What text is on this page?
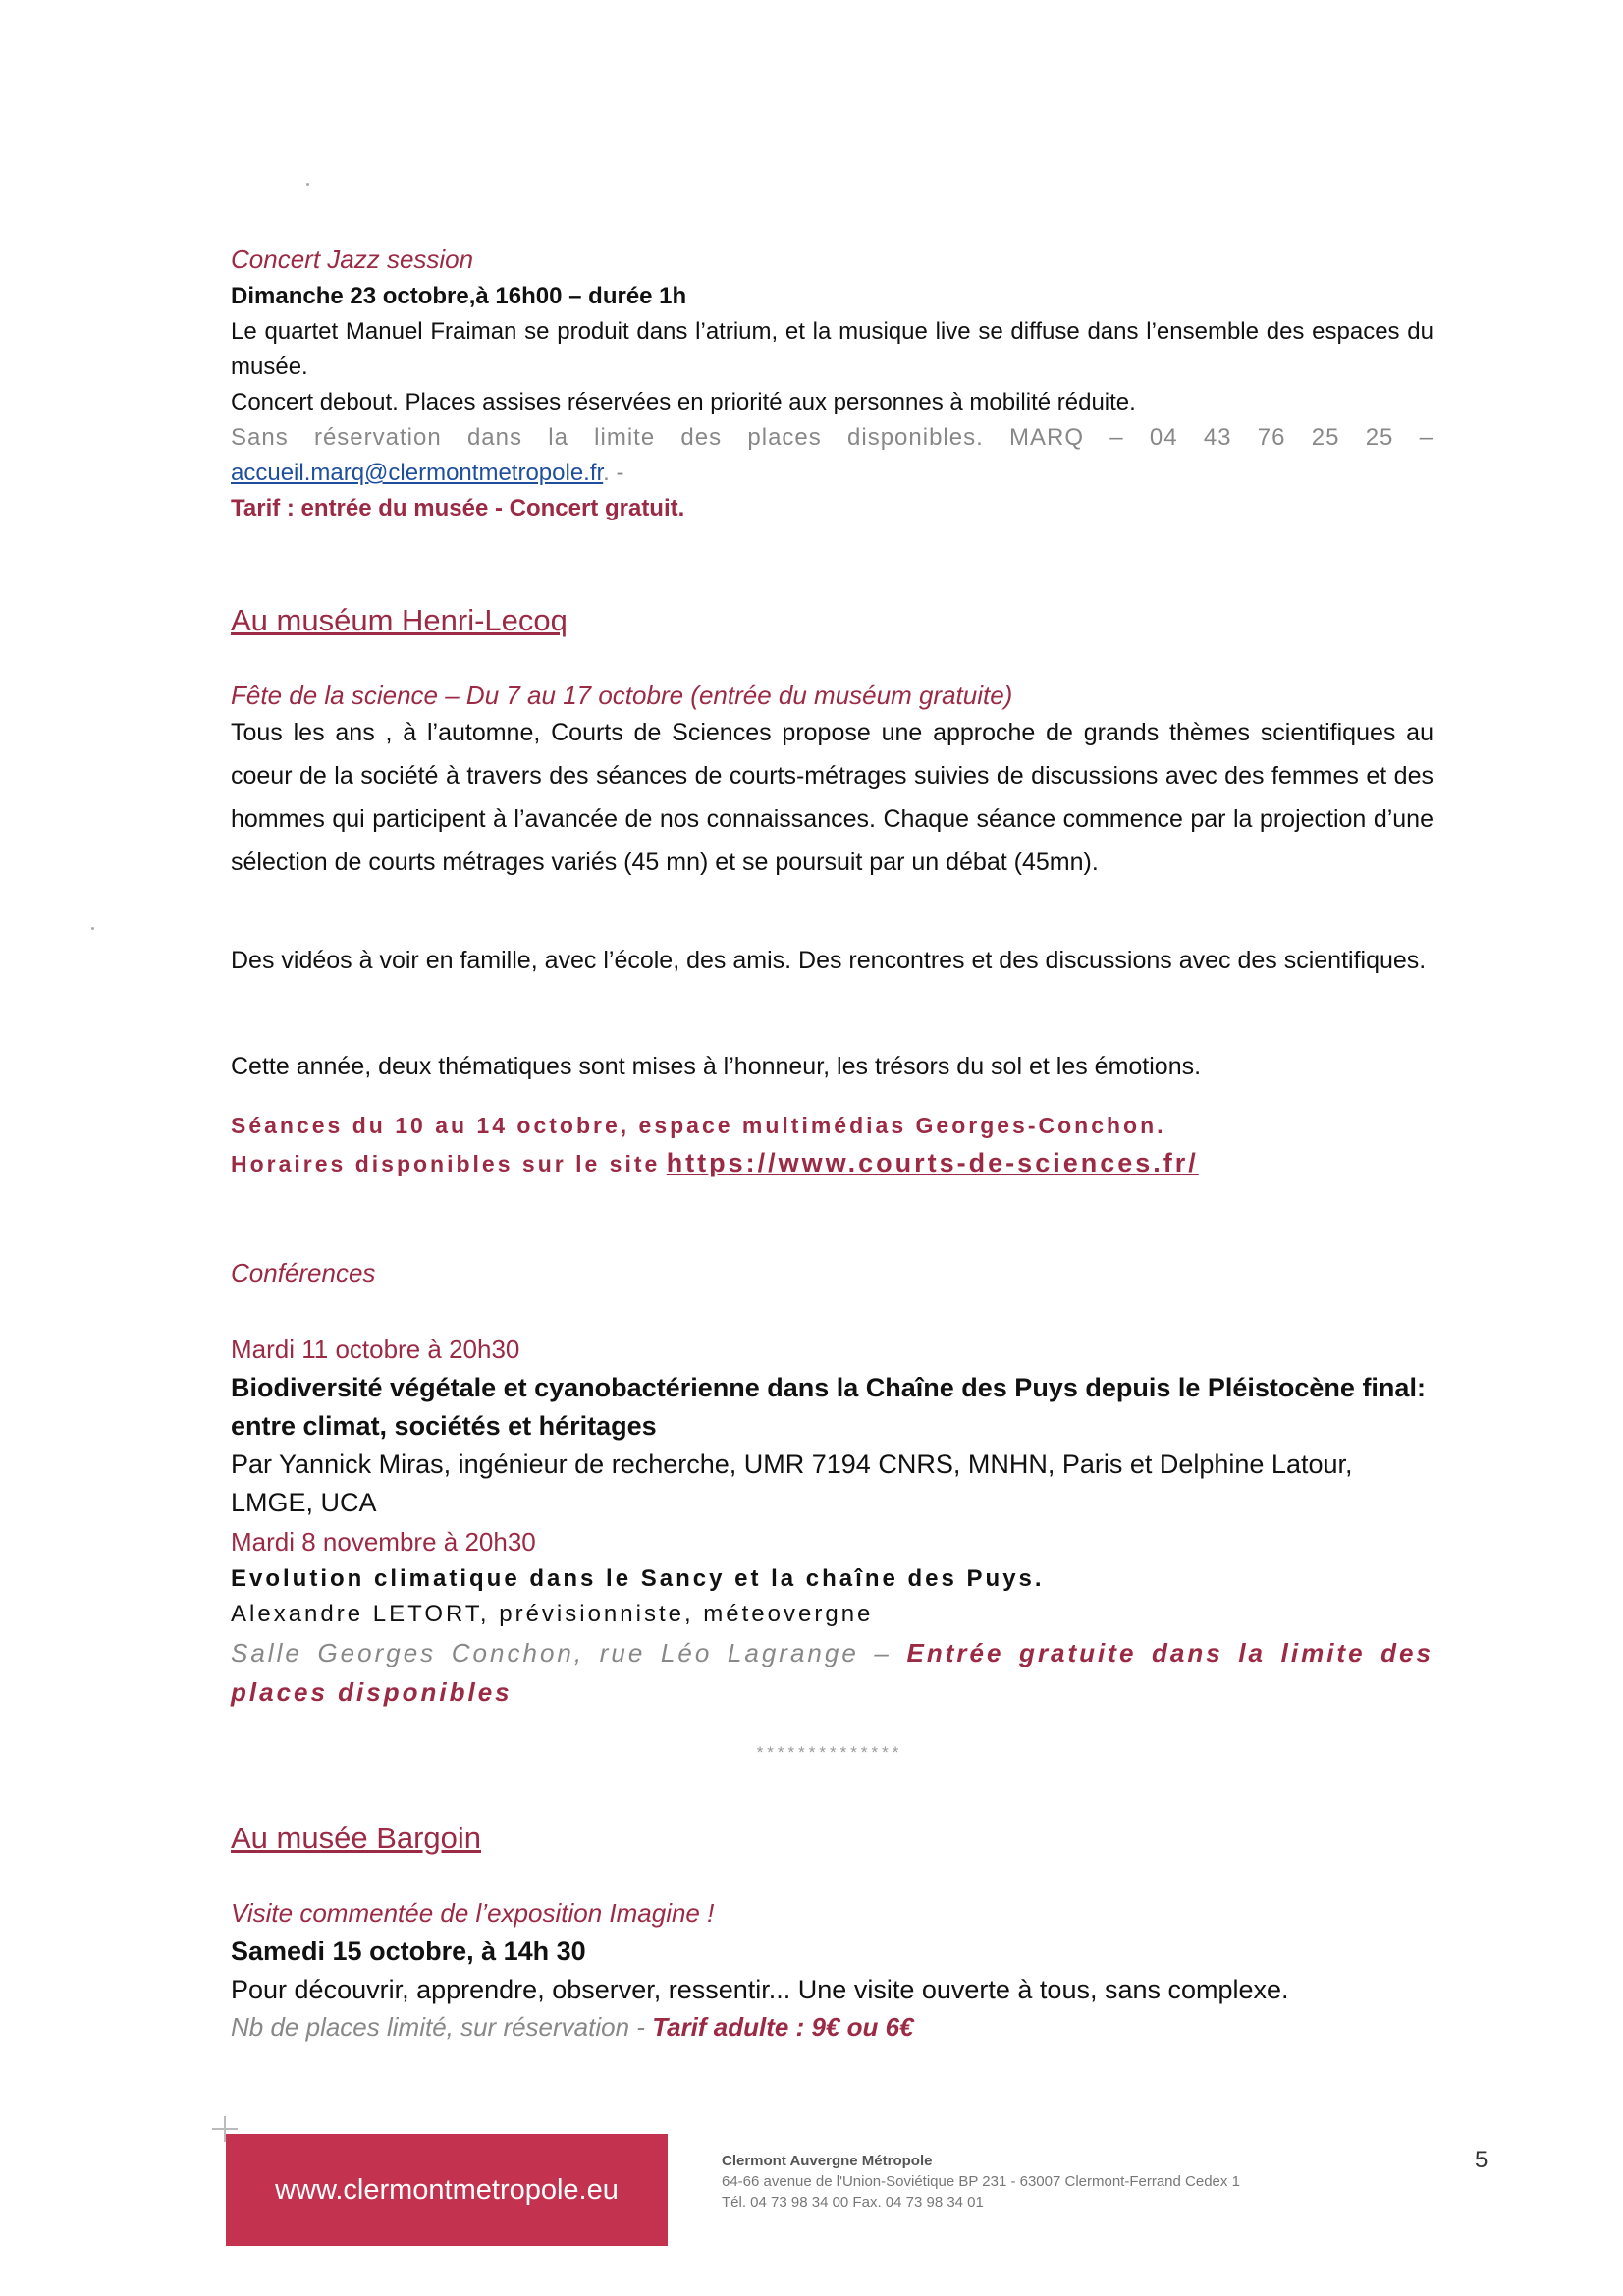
Concert Jazz session
Dimanche 23 octobre,à 16h00 – durée 1h
Le quartet Manuel Fraiman se produit dans l’atrium, et la musique live se diffuse dans l’ensemble des espaces du musée.
Concert debout. Places assises réservées en priorité aux personnes à mobilité réduite.
Sans réservation dans la limite des places disponibles. MARQ – 04 43 76 25 25 –
accueil.marq@clermontmetropole.fr. -
Tarif : entrée du musée - Concert gratuit.
Au muséum Henri-Lecoq
Fête de la science – Du 7 au 17 octobre (entrée du muséum gratuite)
Tous les ans , à l’automne, Courts de Sciences propose une approche de grands thèmes scientifiques au coeur de la société à travers des séances de courts-métrages suivies de discussions avec des femmes et des hommes qui participent à l’avancée de nos connaissances. Chaque séance commence par la projection d’une sélection de courts métrages variés (45 mn) et se poursuit par un débat (45mn).
Des vidéos à voir en famille, avec l’école, des amis. Des rencontres et des discussions avec des scientifiques.
Cette année, deux thématiques sont mises à l’honneur, les trésors du sol et les émotions.
Séances du 10 au 14 octobre, espace multimédias Georges-Conchon.
Horaires disponibles sur le site https://www.courts-de-sciences.fr/
Conférences
Mardi 11 octobre à 20h30
Biodiversité végétale et cyanobactérienne dans la Chaîne des Puys depuis le Pléistocène final: entre climat, sociétés et héritages
Par Yannick Miras, ingénieur de recherche, UMR 7194 CNRS, MNHN, Paris et Delphine Latour, LMGE, UCA
Mardi 8 novembre à 20h30
Evolution climatique dans le Sancy et la chaîne des Puys.
Alexandre LETORT, prévisionniste, méteovergne
Salle Georges Conchon, rue Léo Lagrange – Entrée gratuite dans la limite des places disponibles
**************
Au musée Bargoin
Visite commentée de l’exposition Imagine !
Samedi 15 octobre, à 14h 30
Pour découvrir, apprendre, observer, ressentir... Une visite ouverte à tous, sans complexe.
Nb de places limité, sur réservation - Tarif adulte : 9€ ou 6€
www.clermontmetropole.eu
Clermont Auvergne Métropole
64-66 avenue de l'Union-Soviétique BP 231 - 63007 Clermont-Ferrand Cedex 1
Tél. 04 73 98 34 00 Fax. 04 73 98 34 01
5
